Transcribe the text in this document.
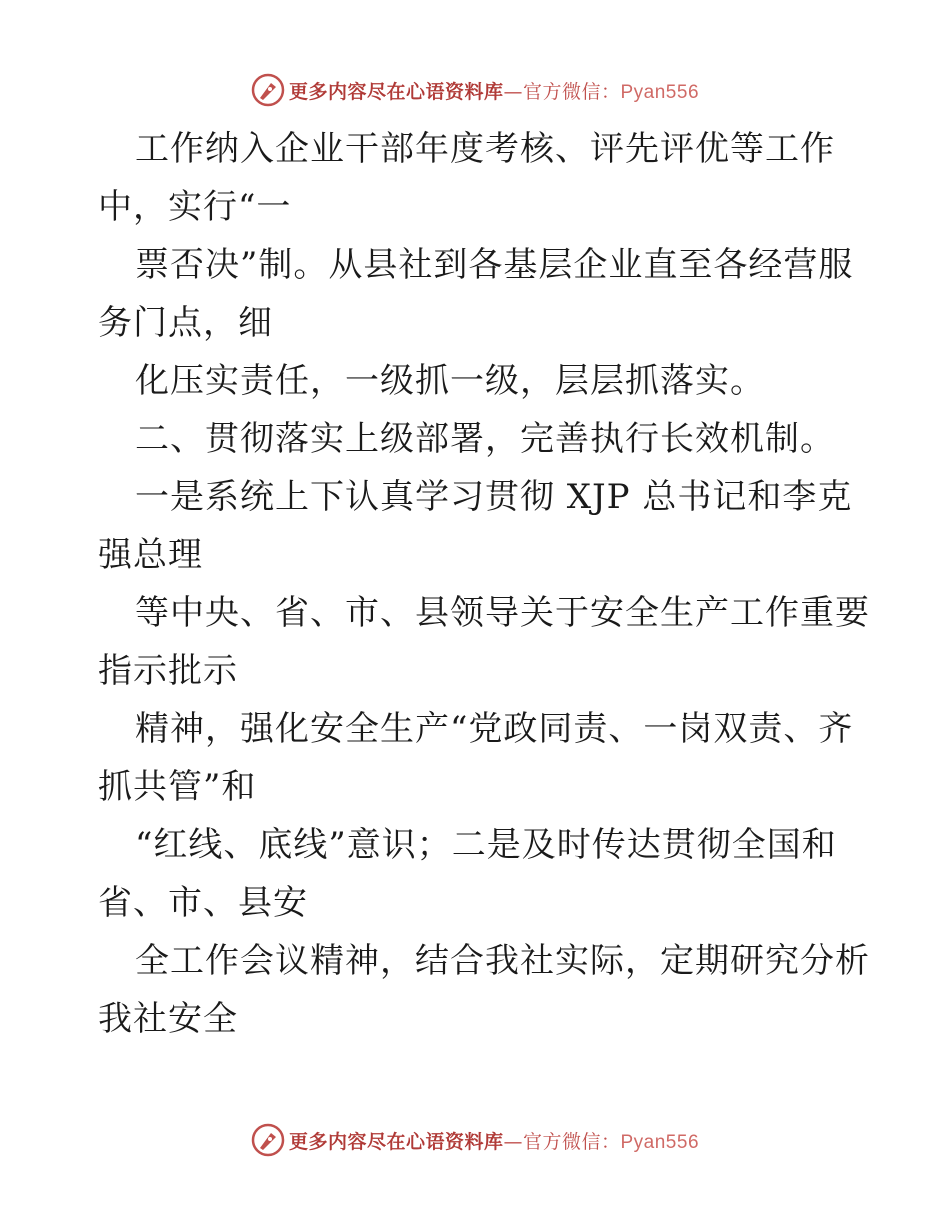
更多内容尽在心语资料库—官方微信：Pyan556
工作纳入企业干部年度考核、评先评优等工作
中，实行“一
票否决”制。从县社到各基层企业直至各经营服
务门点，细
化压实责任，一级抓一级，层层抓落实。
二、贯彻落实上级部署，完善执行长效机制。
一是系统上下认真学习贯彻 XJP 总书记和李克
强总理
等中央、省、市、县领导关于安全生产工作重要
指示批示
精神，强化安全生产“党政同责、一岗双责、齐
抓共管”和
“红线、底线”意识；二是及时传达贯彻全国和
省、市、县安
全工作会议精神，结合我社实际，定期研究分析
我社安全
更多内容尽在心语资料库—官方微信：Pyan556
